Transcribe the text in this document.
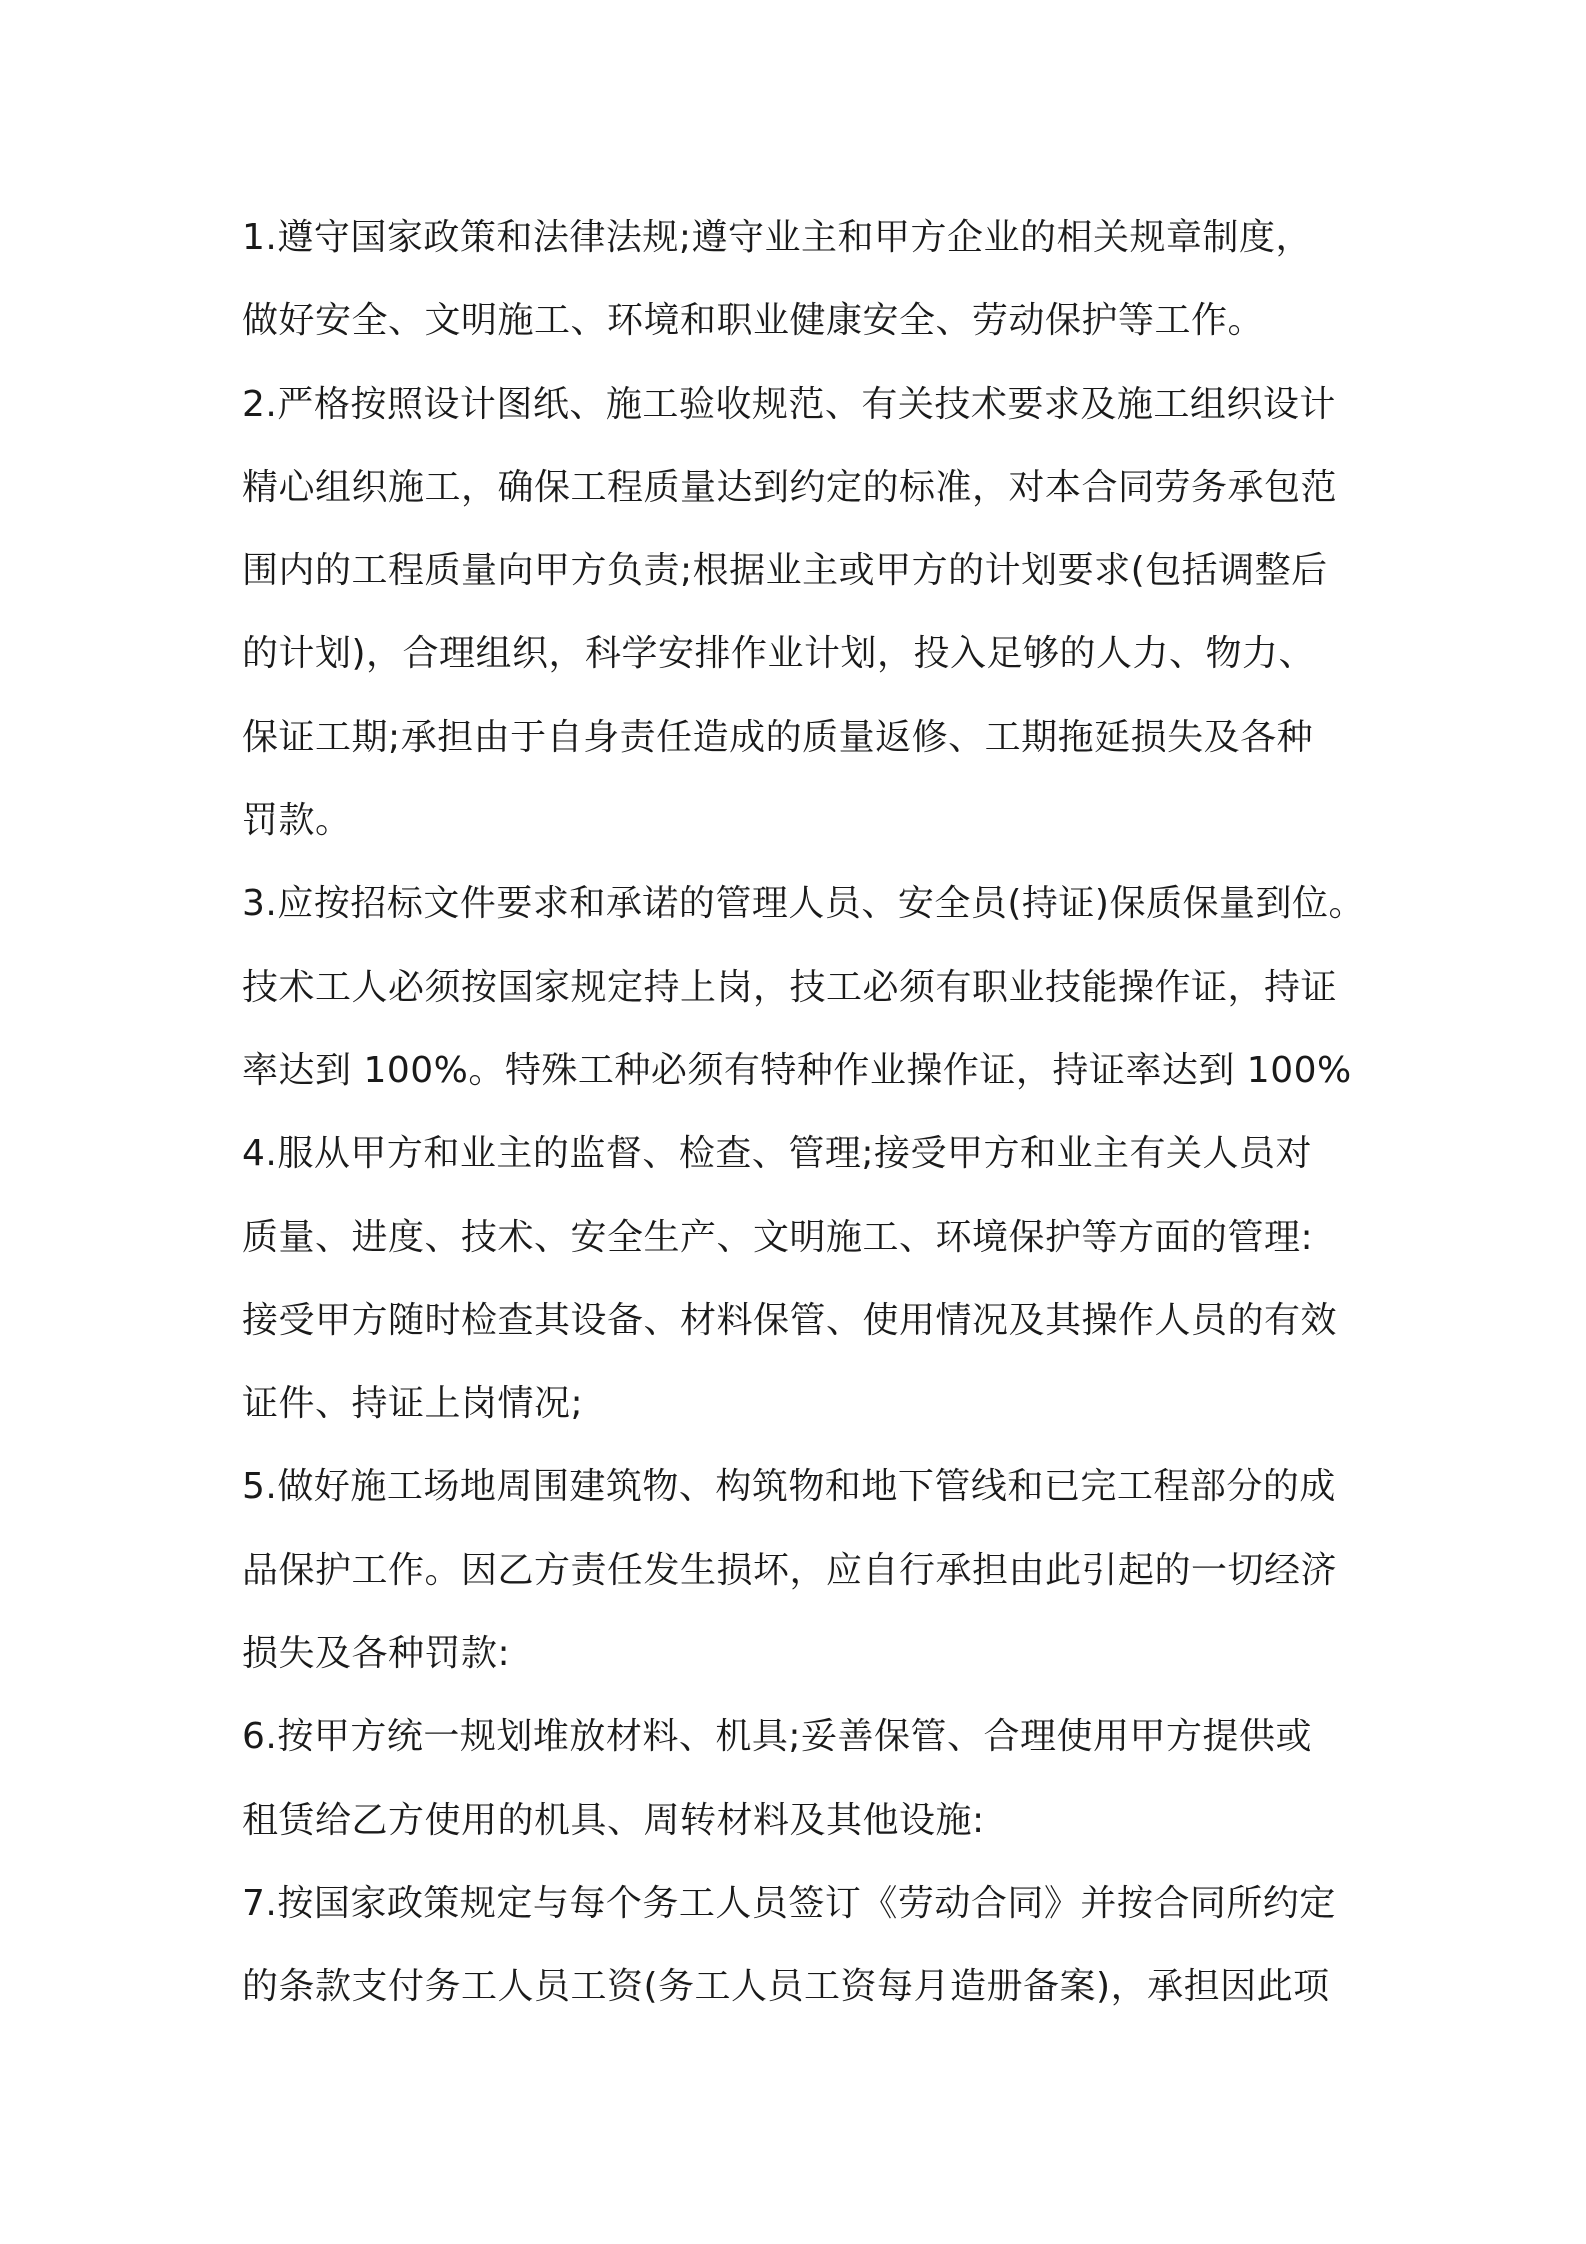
1.遵守国家政策和法律法规;遵守业主和甲方企业的相关规章制度，
做好安全、文明施工、环境和职业健康安全、劳动保护等工作。
2.严格按照设计图纸、施工验收规范、有关技术要求及施工组织设计
精心组织施工，确保工程质量达到约定的标准，对本合同劳务承包范
围内的工程质量向甲方负责;根据业主或甲方的计划要求(包括调整后
的计划)，合理组织，科学安排作业计划，投入足够的人力、物力、
保证工期;承担由于自身责任造成的质量返修、工期拖延损失及各种
罚款。
3.应按招标文件要求和承诺的管理人员、安全员(持证)保质保量到位。
技术工人必须按国家规定持上岗，技工必须有职业技能操作证，持证
率达到 100%。特殊工种必须有特种作业操作证，持证率达到 100%
4.服从甲方和业主的监督、检查、管理;接受甲方和业主有关人员对
质量、进度、技术、安全生产、文明施工、环境保护等方面的管理:
接受甲方随时检查其设备、材料保管、使用情况及其操作人员的有效
证件、持证上岗情况;
5.做好施工场地周围建筑物、构筑物和地下管线和已完工程部分的成
品保护工作。因乙方责任发生损坏，应自行承担由此引起的一切经济
损失及各种罚款:
6.按甲方统一规划堆放材料、机具;妥善保管、合理使用甲方提供或
租赁给乙方使用的机具、周转材料及其他设施:
7.按国家政策规定与每个务工人员签订《劳动合同》并按合同所约定
的条款支付务工人员工资(务工人员工资每月造册备案)，承担因此项
